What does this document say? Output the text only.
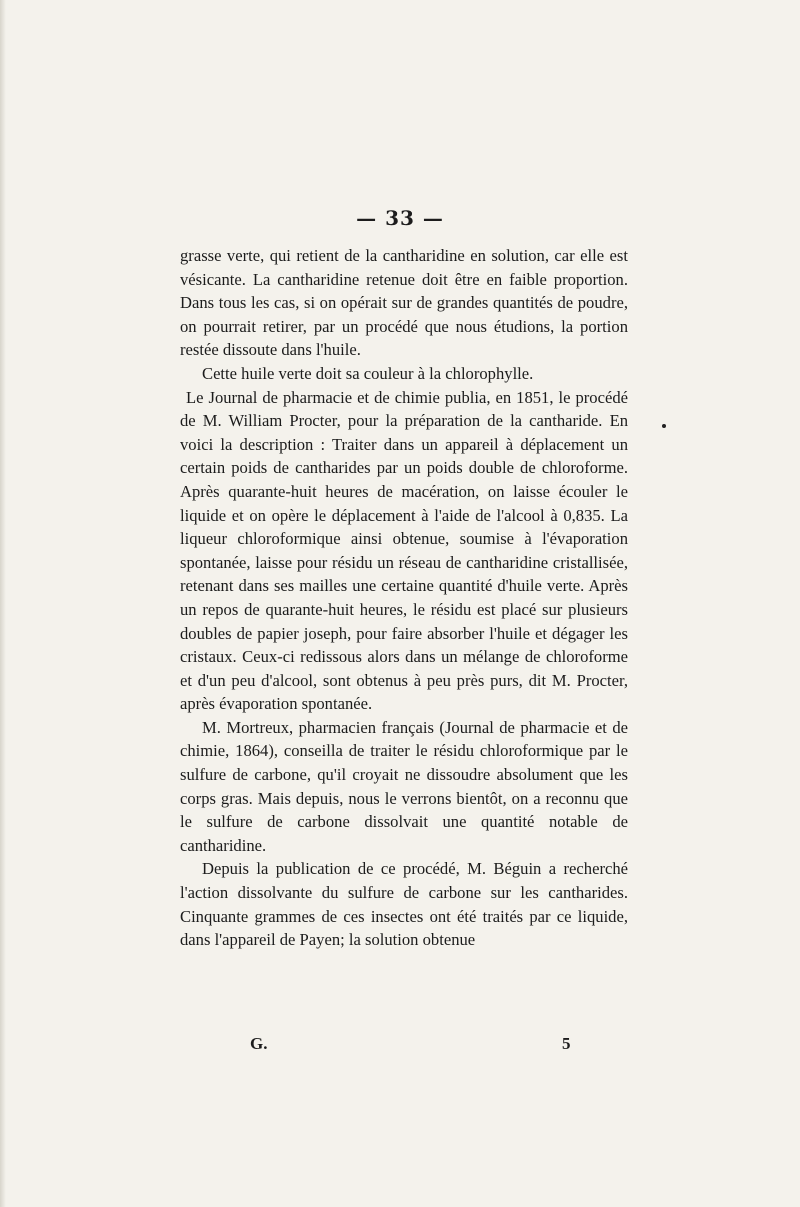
— 33 —

grasse verte, qui retient de la cantharidine en solution, car elle est vésicante. La cantharidine retenue doit être en faible proportion. Dans tous les cas, si on opérait sur de grandes quantités de poudre, on pourrait retirer, par un procédé que nous étudions, la portion restée dissoute dans l'huile.

Cette huile verte doit sa couleur à la chlorophylle.

Le Journal de pharmacie et de chimie publia, en 1851, le procédé de M. William Procter, pour la préparation de la cantharide. En voici la description : Traiter dans un appareil à déplacement un certain poids de cantharides par un poids double de chloroforme. Après quarante-huit heures de macération, on laisse écouler le liquide et on opère le déplacement à l'aide de l'alcool à 0,835. La liqueur chloroformique ainsi obtenue, soumise à l'évaporation spontanée, laisse pour résidu un réseau de cantharidine cristallisée, retenant dans ses mailles une certaine quantité d'huile verte. Après un repos de quarante-huit heures, le résidu est placé sur plusieurs doubles de papier joseph, pour faire absorber l'huile et dégager les cristaux. Ceux-ci redissous alors dans un mélange de chloroforme et d'un peu d'alcool, sont obtenus à peu près purs, dit M. Procter, après évaporation spontanée.

M. Mortreux, pharmacien français (Journal de pharmacie et de chimie, 1864), conseilla de traiter le résidu chloroformique par le sulfure de carbone, qu'il croyait ne dissoudre absolument que les corps gras. Mais depuis, nous le verrons bientôt, on a reconnu que le sulfure de carbone dissolvait une quantité notable de cantharidine.

Depuis la publication de ce procédé, M. Béguin a recherché l'action dissolvante du sulfure de carbone sur les cantharides. Cinquante grammes de ces insectes ont été traités par ce liquide, dans l'appareil de Payen; la solution obtenue

G.	5
